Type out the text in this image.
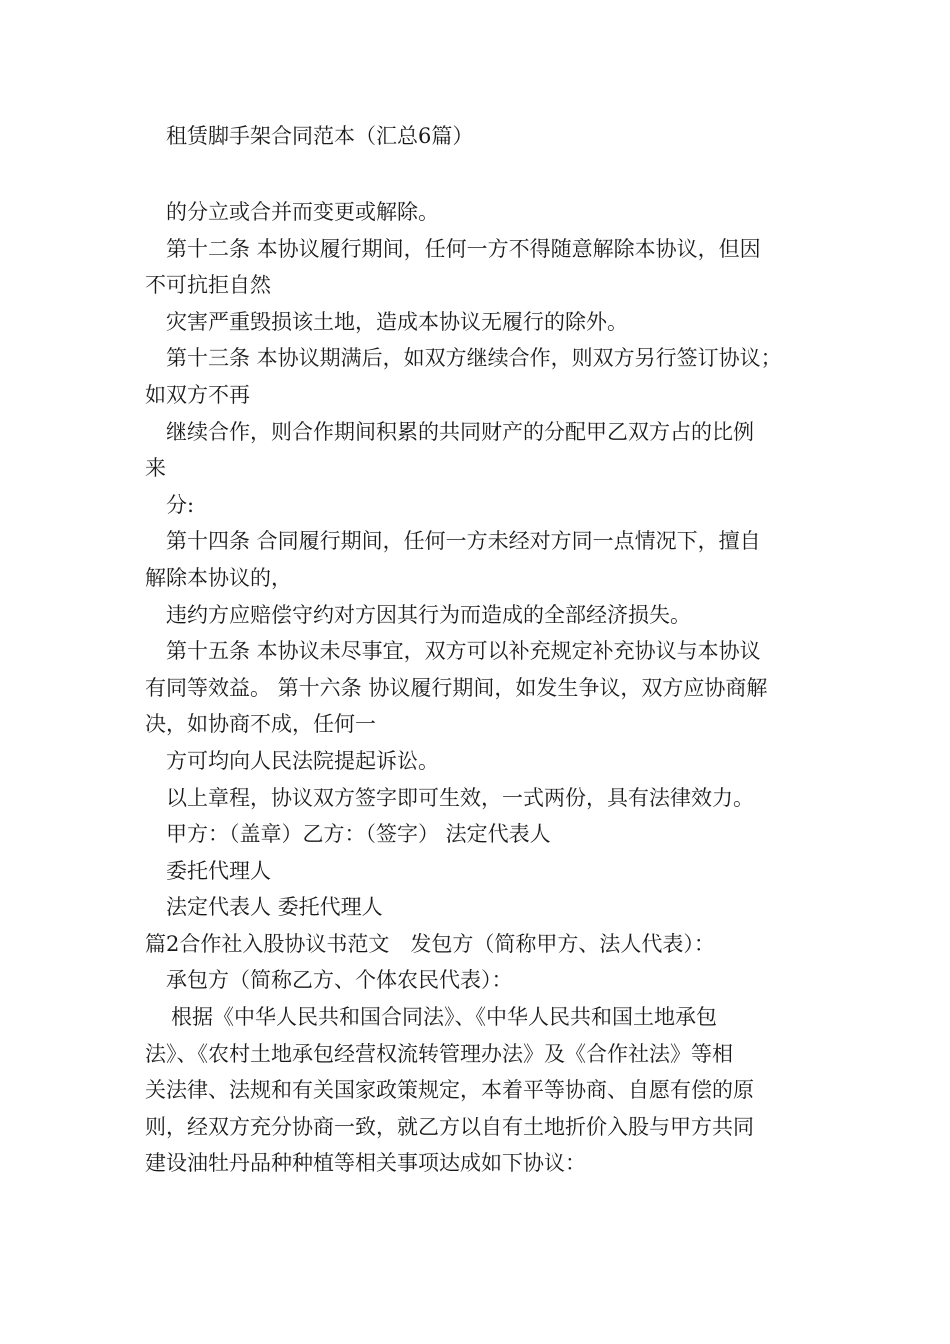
租赁脚手架合同范本（汇总6篇）
的分立或合并而变更或解除。
第十二条 本协议履行期间，任何一方不得随意解除本协议，但因
不可抗拒自然
灾害严重毁损该土地，造成本协议无履行的除外。
第十三条 本协议期满后，如双方继续合作，则双方另行签订协议；
如双方不再
继续合作，则合作期间积累的共同财产的分配甲乙双方占的比例
来
分:
第十四条 合同履行期间，任何一方未经对方同一点情况下，擅自
解除本协议的，
违约方应赔偿守约对方因其行为而造成的全部经济损失。
第十五条 本协议未尽事宜，双方可以补充规定补充协议与本协议
有同等效益。 第十六条 协议履行期间，如发生争议，双方应协商解
决，如协商不成，任何一
方可均向人民法院提起诉讼。
以上章程，协议双方签字即可生效，一式两份，具有法律效力。
甲方：（盖章）乙方：（签字） 法定代表人
委托代理人
法定代表人 委托代理人
篇2合作社入股协议书范文　发包方（简称甲方、法人代表）：
承包方（简称乙方、个体农民代表）：
根据《中华人民共和国合同法》、《中华人民共和国土地承包
法》、《农村土地承包经营权流转管理办法》及《合作社法》等相
关法律、法规和有关国家政策规定，本着平等协商、自愿有偿的原
则，经双方充分协商一致，就乙方以自有土地折价入股与甲方共同
建设油牡丹品种种植等相关事项达成如下协议：
